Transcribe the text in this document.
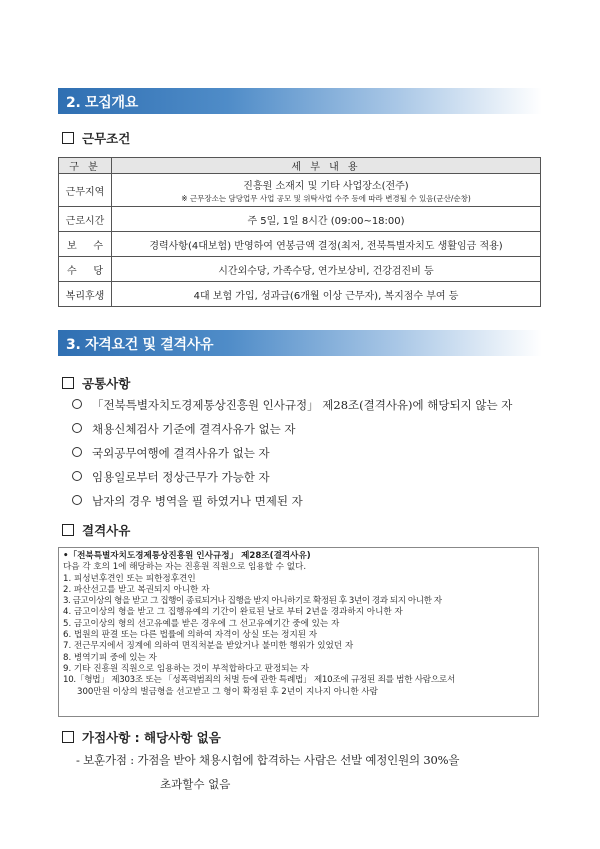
2. 모집개요
근무조건
구 분	세 부 내 용
근무지역	진흥원 소재지 및 기타 사업장소(전주)
※ 근무장소는 담당업무 사업 공모 및 위탁사업 수주 등에 따라 변경될 수 있음(군산/순창)

근로시간	주 5일, 1일 8시간 (09:00~18:00)

보 수	경력사항(4대보험) 반영하여 연봉금액 결정(최저, 전북특별자치도 생활임금 적용)

수 당	시간외수당, 가족수당, 연가보상비, 건강검진비 등
복리후생	4대 보험 가입, 성과급(6개월 이상 근무자), 복지점수 부여 등
3. 자격요건 및 결격사유
공통사항
「전북특별자치도경제통상진흥원 인사규정」 제28조(결격사유)에 해당되지 않는 자
채용신체검사 기준에 결격사유가 없는 자
국외공무여행에 결격사유가 없는 자
임용일로부터 정상근무가 가능한 자
남자의 경우 병역을 필 하였거나 면제된 자
결격사유
•「전북특별자치도경제통상진흥원 인사규정」 제28조(결격사유)
다음 각 호의 1에 해당하는 자는 진흥원 직원으로 임용할 수 없다.
1. 피성년후견인 또는 피한정후견인
2. 파산선고를 받고 복권되지 아니한 자
3. 금고이상의 형을 받고 그 집행이 종료되거나 집행을 받지 아니하기로 확정된 후 3년이 경과 되지 아니한 자
4. 금고이상의 형을 받고 그 집행유예의 기간이 완료된 날로 부터 2년을 경과하지 아니한 자
5. 금고이상의 형의 선고유예를 받은 경우에 그 선고유예기간 중에 있는 자
6. 법원의 판결 또는 다른 법률에 의하여 자격이 상실 또는 정지된 자
7. 전근무지에서 징계에 의하여 면직처분을 받았거나 불미한 행위가 있었던 자
8. 병역기피 중에 있는 자
9. 기타 진흥원 직원으로 임용하는 것이 부적합하다고 판정되는 자
10.「형법」 제303조 또는 「성폭력범죄의 처벌 등에 관한 특례법」 제10조에 규정된 죄를 범한 사람으로서
300만원 이상의 벌금형을 선고받고 그 형이 확정된 후 2년이 지나지 아니한 사람
가점사항 : 해당사항 없음
- 보훈가점 : 가점을 받아 채용시험에 합격하는 사람은 선발 예정인원의 30%을
초과할수 없음
